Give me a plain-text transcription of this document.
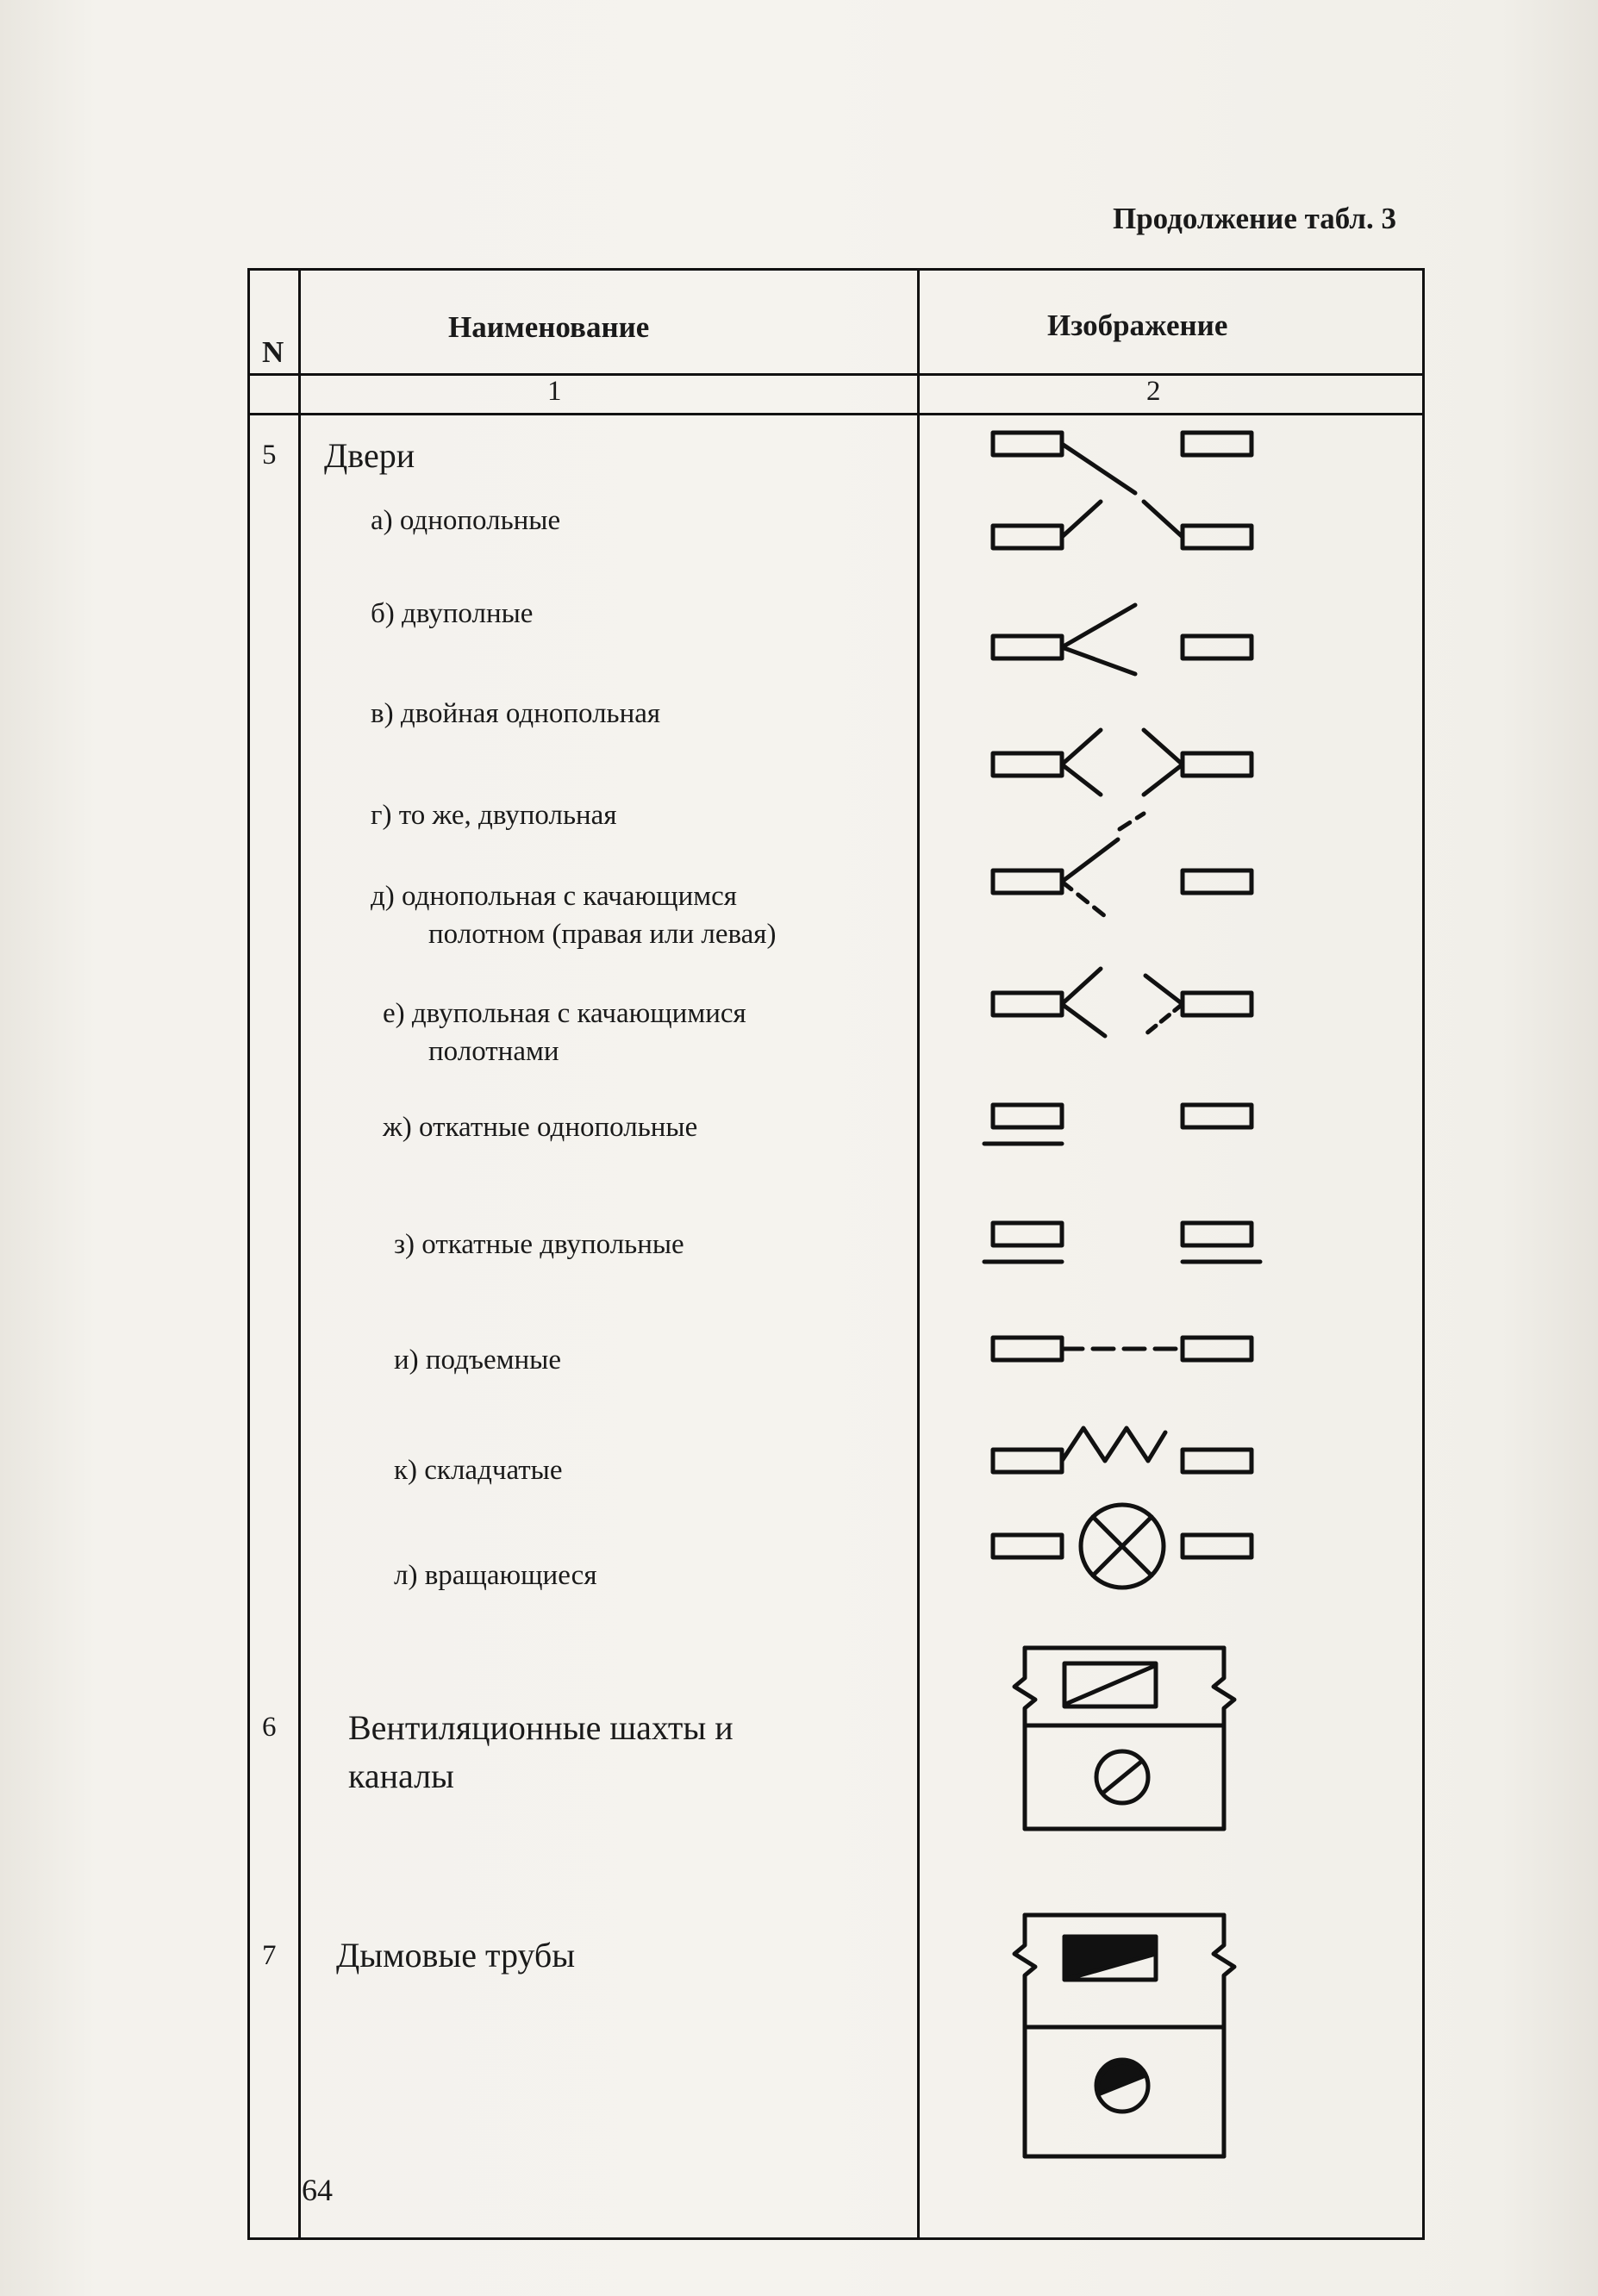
Продолжение табл. 3
N
Наименование	Изображение
1	2
5 Двери
а) однопольные
б) двуполные
в) двойная однопольная
г) то же, двупольная
д) однопольная с качающимся
полотном (правая или левая)
е) двупольная с качающимися
полотнами
ж) откатные однопольные
з) откатные двупольные
и) подъемные
к) складчатые
л) вращающиеся
6 Вентиляционные шахты и
каналы
7 Дымовые трубы
64
